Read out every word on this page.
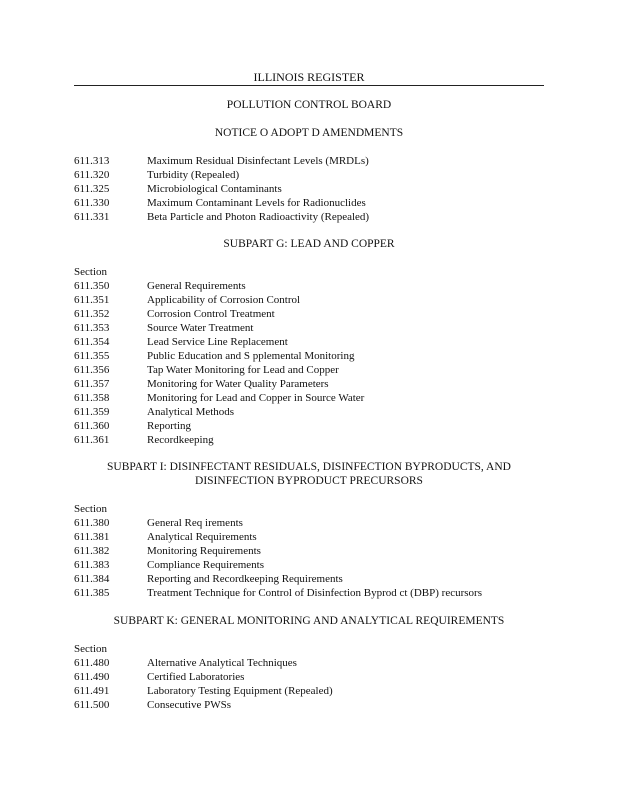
ILLINOIS REGISTER
POLLUTION CONTROL BOARD
NOTICE O ADOPT D AMENDMENTS
SUBPART G: LEAD AND COPPER
Section
SUBPART I: DISINFECTANT RESIDUALS, DISINFECTION BYPRODUCTS, AND
DISINFECTION BYPRODUCT PRECURSORS
Section
SUBPART K: GENERAL MONITORING AND ANALYTICAL REQUIREMENTS
Section
611.313	Maximum Residual Disinfectant Levels (MRDLs)
611.320	Turbidity (Repealed)
611.325	Microbiological Contaminants
611.330	Maximum Contaminant Levels for Radionuclides
611.331	Beta Particle and Photon Radioactivity (Repealed)
611.350	General Requirements
611.351	Applicability of Corrosion Control
611.352	Corrosion Control Treatment
611.353	Source Water Treatment
611.354	Lead Service Line Replacement
611.355	Public Education and S pplemental Monitoring
611.356	Tap Water Monitoring for Lead and Copper
611.357	Monitoring for Water Quality Parameters
611.358	Monitoring for Lead and Copper in Source Water
611.359	Analytical Methods
611.360	Reporting
611.361	Recordkeeping
611.380	General Req irements
611.381	Analytical Requirements
611.382	Monitoring Requirements
611.383	Compliance Requirements
611.384	Reporting and Recordkeeping Requirements
611.385	Treatment Technique for Control of Disinfection Byprod ct (DBP) recursors
611.480	Alternative Analytical Techniques
611.490	Certified Laboratories
611.491	Laboratory Testing Equipment (Repealed)
611.500	Consecutive PWSs
